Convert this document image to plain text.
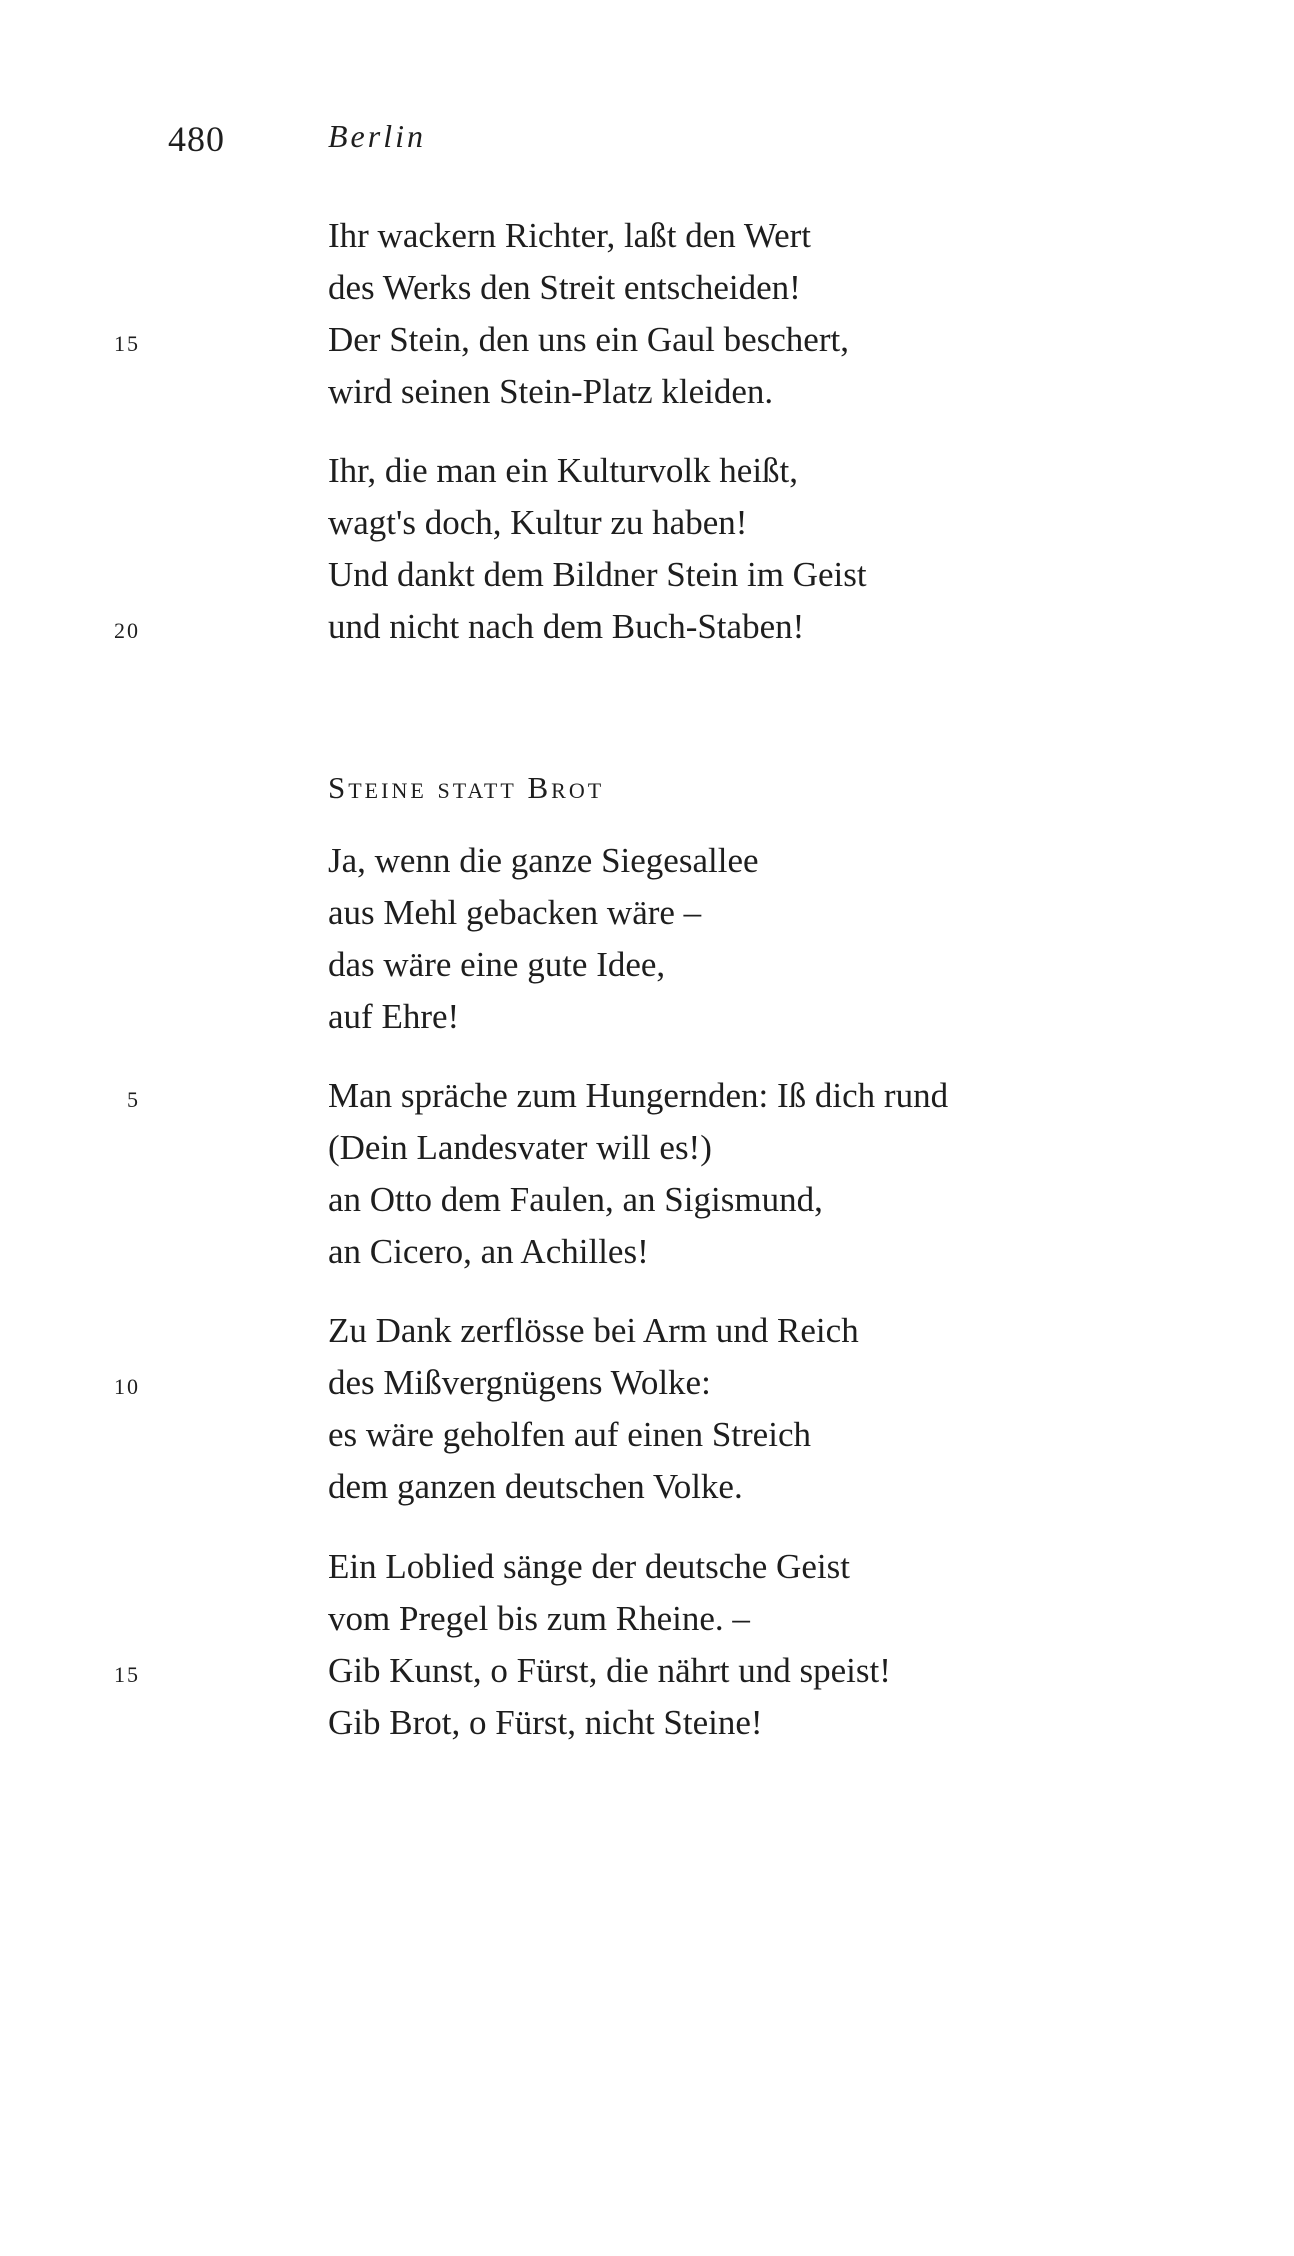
480	Berlin
Ihr wackern Richter, laßt den Wert
des Werks den Streit entscheiden!
15	Der Stein, den uns ein Gaul beschert,
wird seinen Stein-Platz kleiden.
Ihr, die man ein Kulturvolk heißt,
wagt's doch, Kultur zu haben!
Und dankt dem Bildner Stein im Geist
20	und nicht nach dem Buch-Staben!
Steine statt Brot
Ja, wenn die ganze Siegesallee
aus Mehl gebacken wäre –
das wäre eine gute Idee,
auf Ehre!
5	Man spräche zum Hungernden: Iß dich rund
(Dein Landesvater will es!)
an Otto dem Faulen, an Sigismund,
an Cicero, an Achilles!
Zu Dank zerflösse bei Arm und Reich
10	des Mißvergnügens Wolke:
es wäre geholfen auf einen Streich
dem ganzen deutschen Volke.
Ein Loblied sänge der deutsche Geist
vom Pregel bis zum Rheine. –
15	Gib Kunst, o Fürst, die nährt und speist!
Gib Brot, o Fürst, nicht Steine!
